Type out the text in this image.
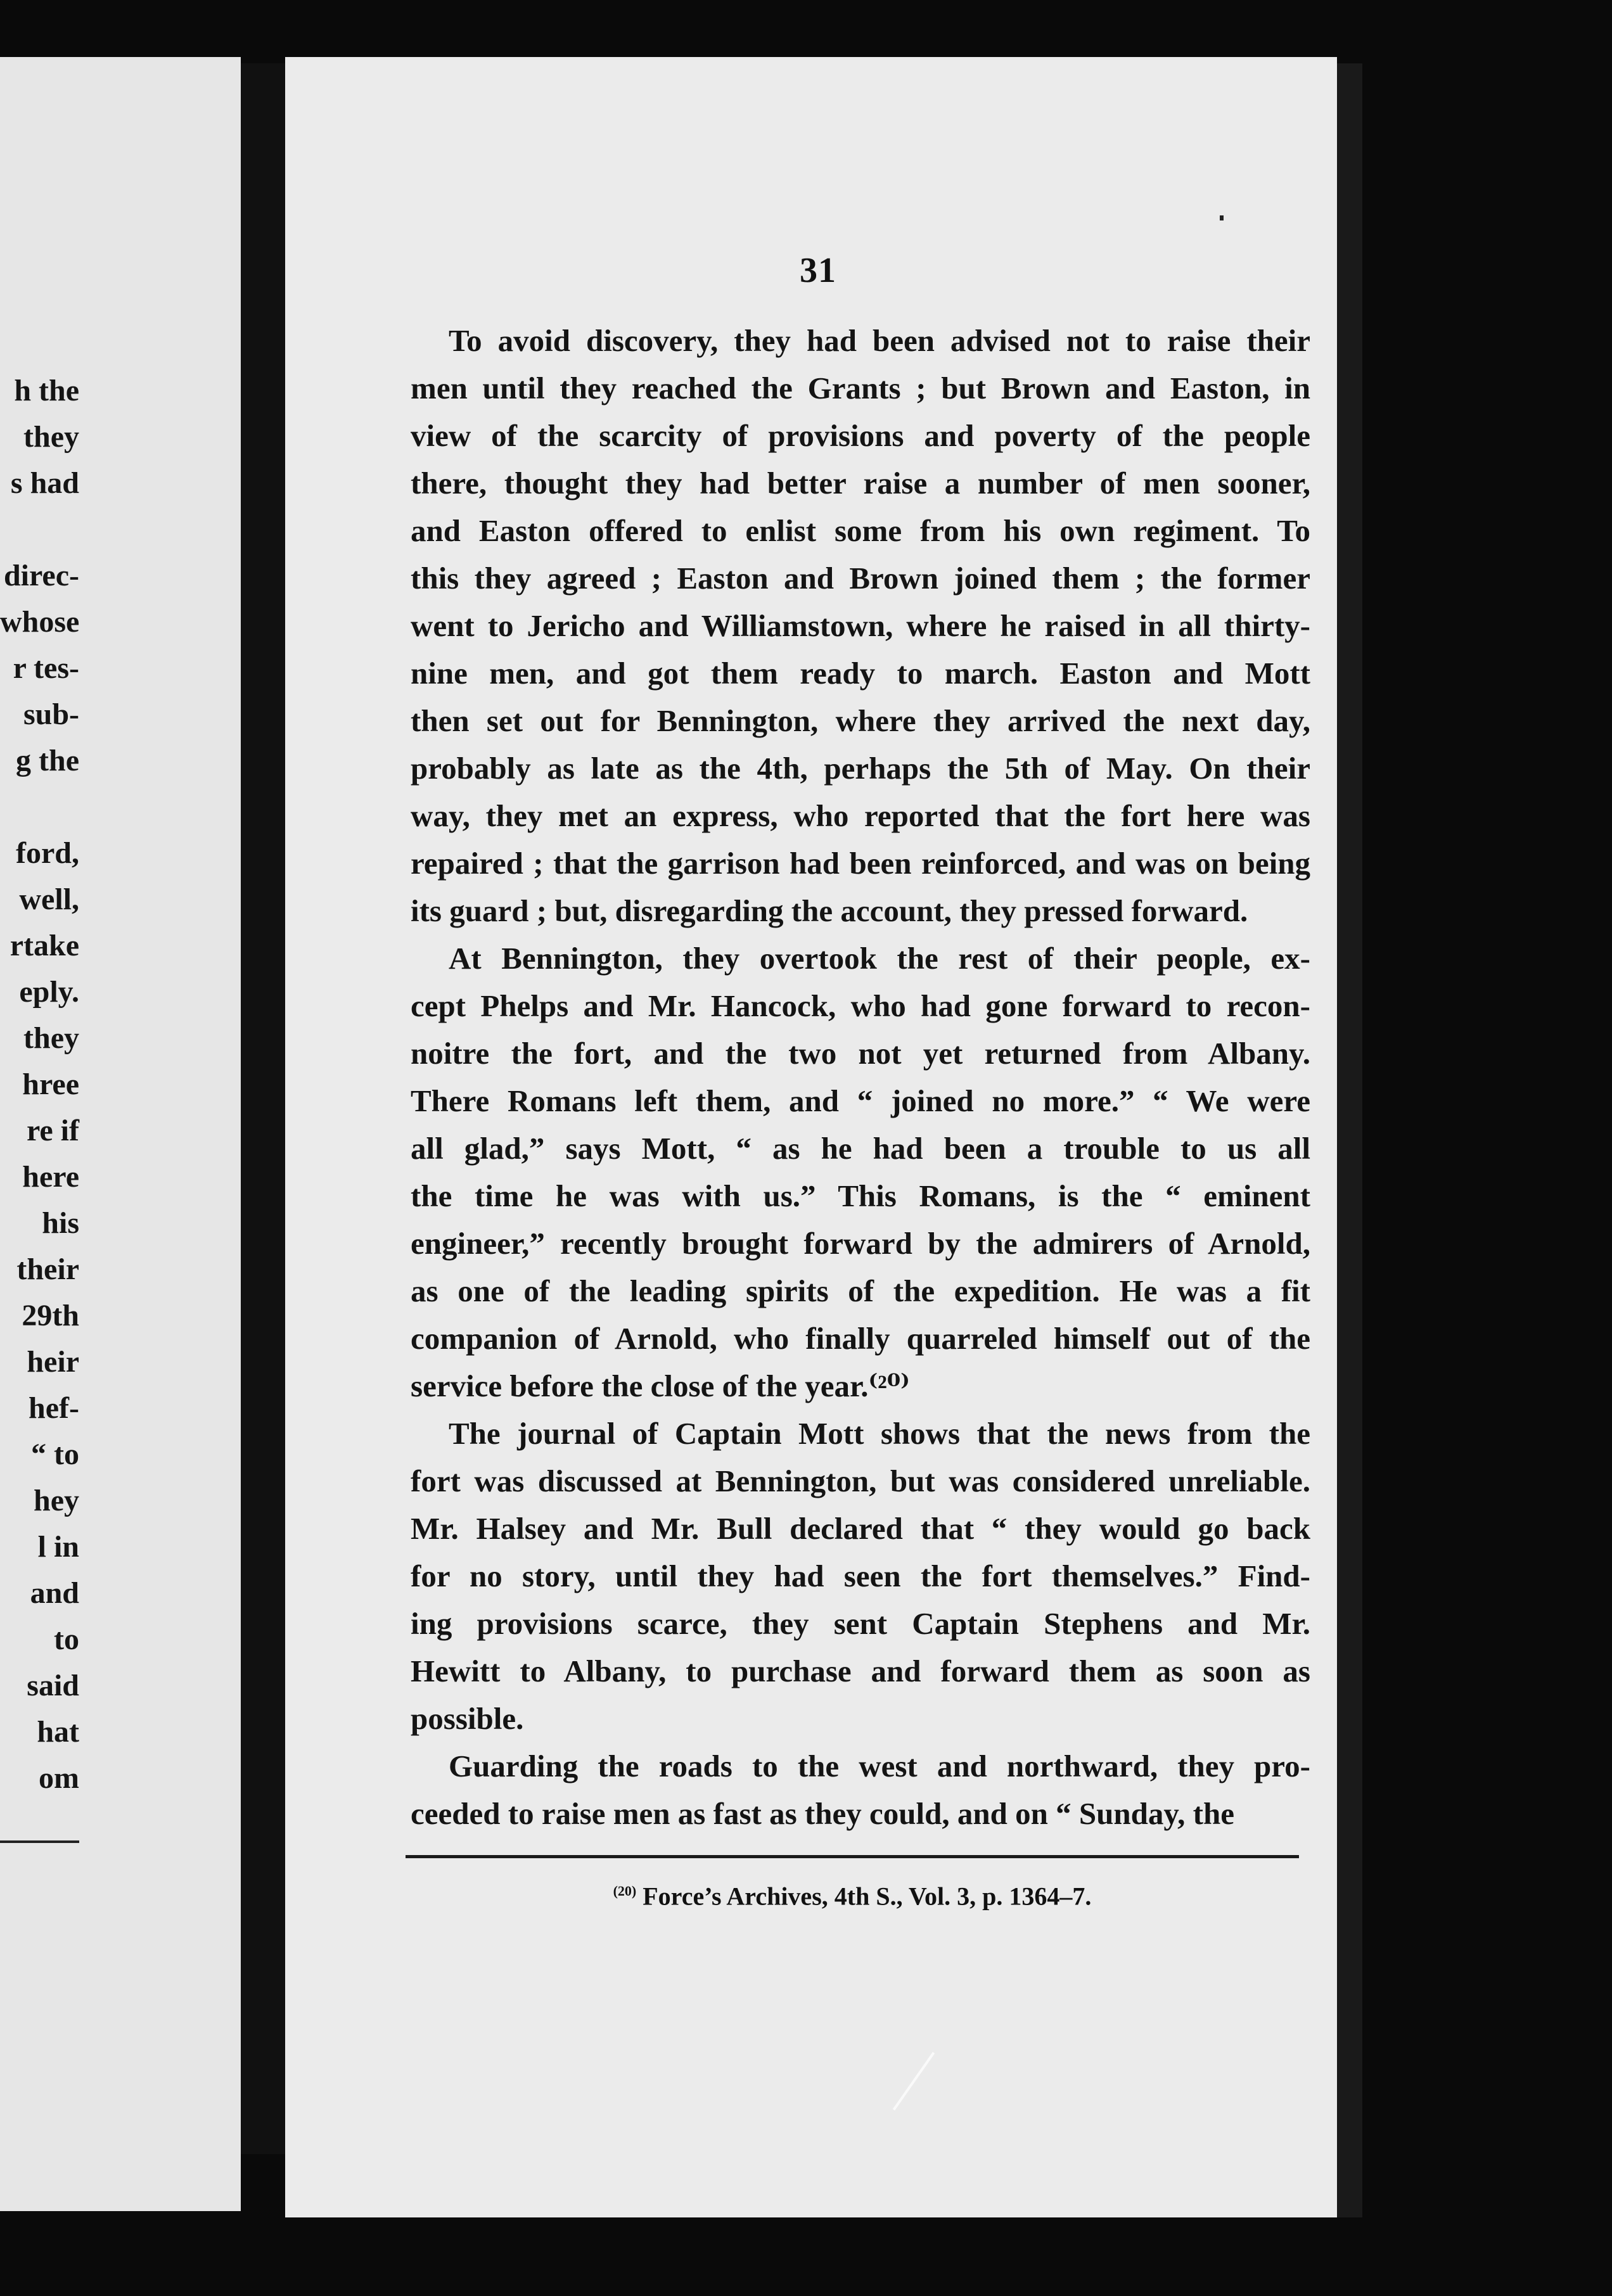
h the
they
s had
direc-
whose
r tes-
sub-
g the
ford,
well,
rtake
eply.
they
hree
re if
here
his
their
29th
heir
hef-
“ to
hey
l in
and
to
said
hat
om
31
To avoid discovery, they had been advised not to raise their
men until they reached the Grants ; but Brown and Easton, in
view of the scarcity of provisions and poverty of the people
there, thought they had better raise a number of men sooner,
and Easton offered to enlist some from his own regiment. To
this they agreed ; Easton and Brown joined them ; the former
went to Jericho and Williamstown, where he raised in all thirty-
nine men, and got them ready to march. Easton and Mott
then set out for Bennington, where they arrived the next day,
probably as late as the 4th, perhaps the 5th of May. On their
way, they met an express, who reported that the fort here was
repaired ; that the garrison had been reinforced, and was on being
its guard ; but, disregarding the account, they pressed forward.
At Bennington, they overtook the rest of their people, ex-
cept Phelps and Mr. Hancock, who had gone forward to recon-
noitre the fort, and the two not yet returned from Albany.
There Romans left them, and “ joined no more.” “ We were
all glad,” says Mott, “ as he had been a trouble to us all
the time he was with us.” This Romans, is the “ eminent
engineer,” recently brought forward by the admirers of Arnold,
as one of the leading spirits of the expedition. He was a fit
companion of Arnold, who finally quarreled himself out of the
service before the close of the year.⁽²⁰⁾
The journal of Captain Mott shows that the news from the
fort was discussed at Bennington, but was considered unreliable.
Mr. Halsey and Mr. Bull declared that “ they would go back
for no story, until they had seen the fort themselves.” Find-
ing provisions scarce, they sent Captain Stephens and Mr.
Hewitt to Albany, to purchase and forward them as soon as
possible.
Guarding the roads to the west and northward, they pro-
ceeded to raise men as fast as they could, and on “ Sunday, the
$^{(20)}$ Force’s Archives, 4th S., Vol. 3, p. 1364–7.
